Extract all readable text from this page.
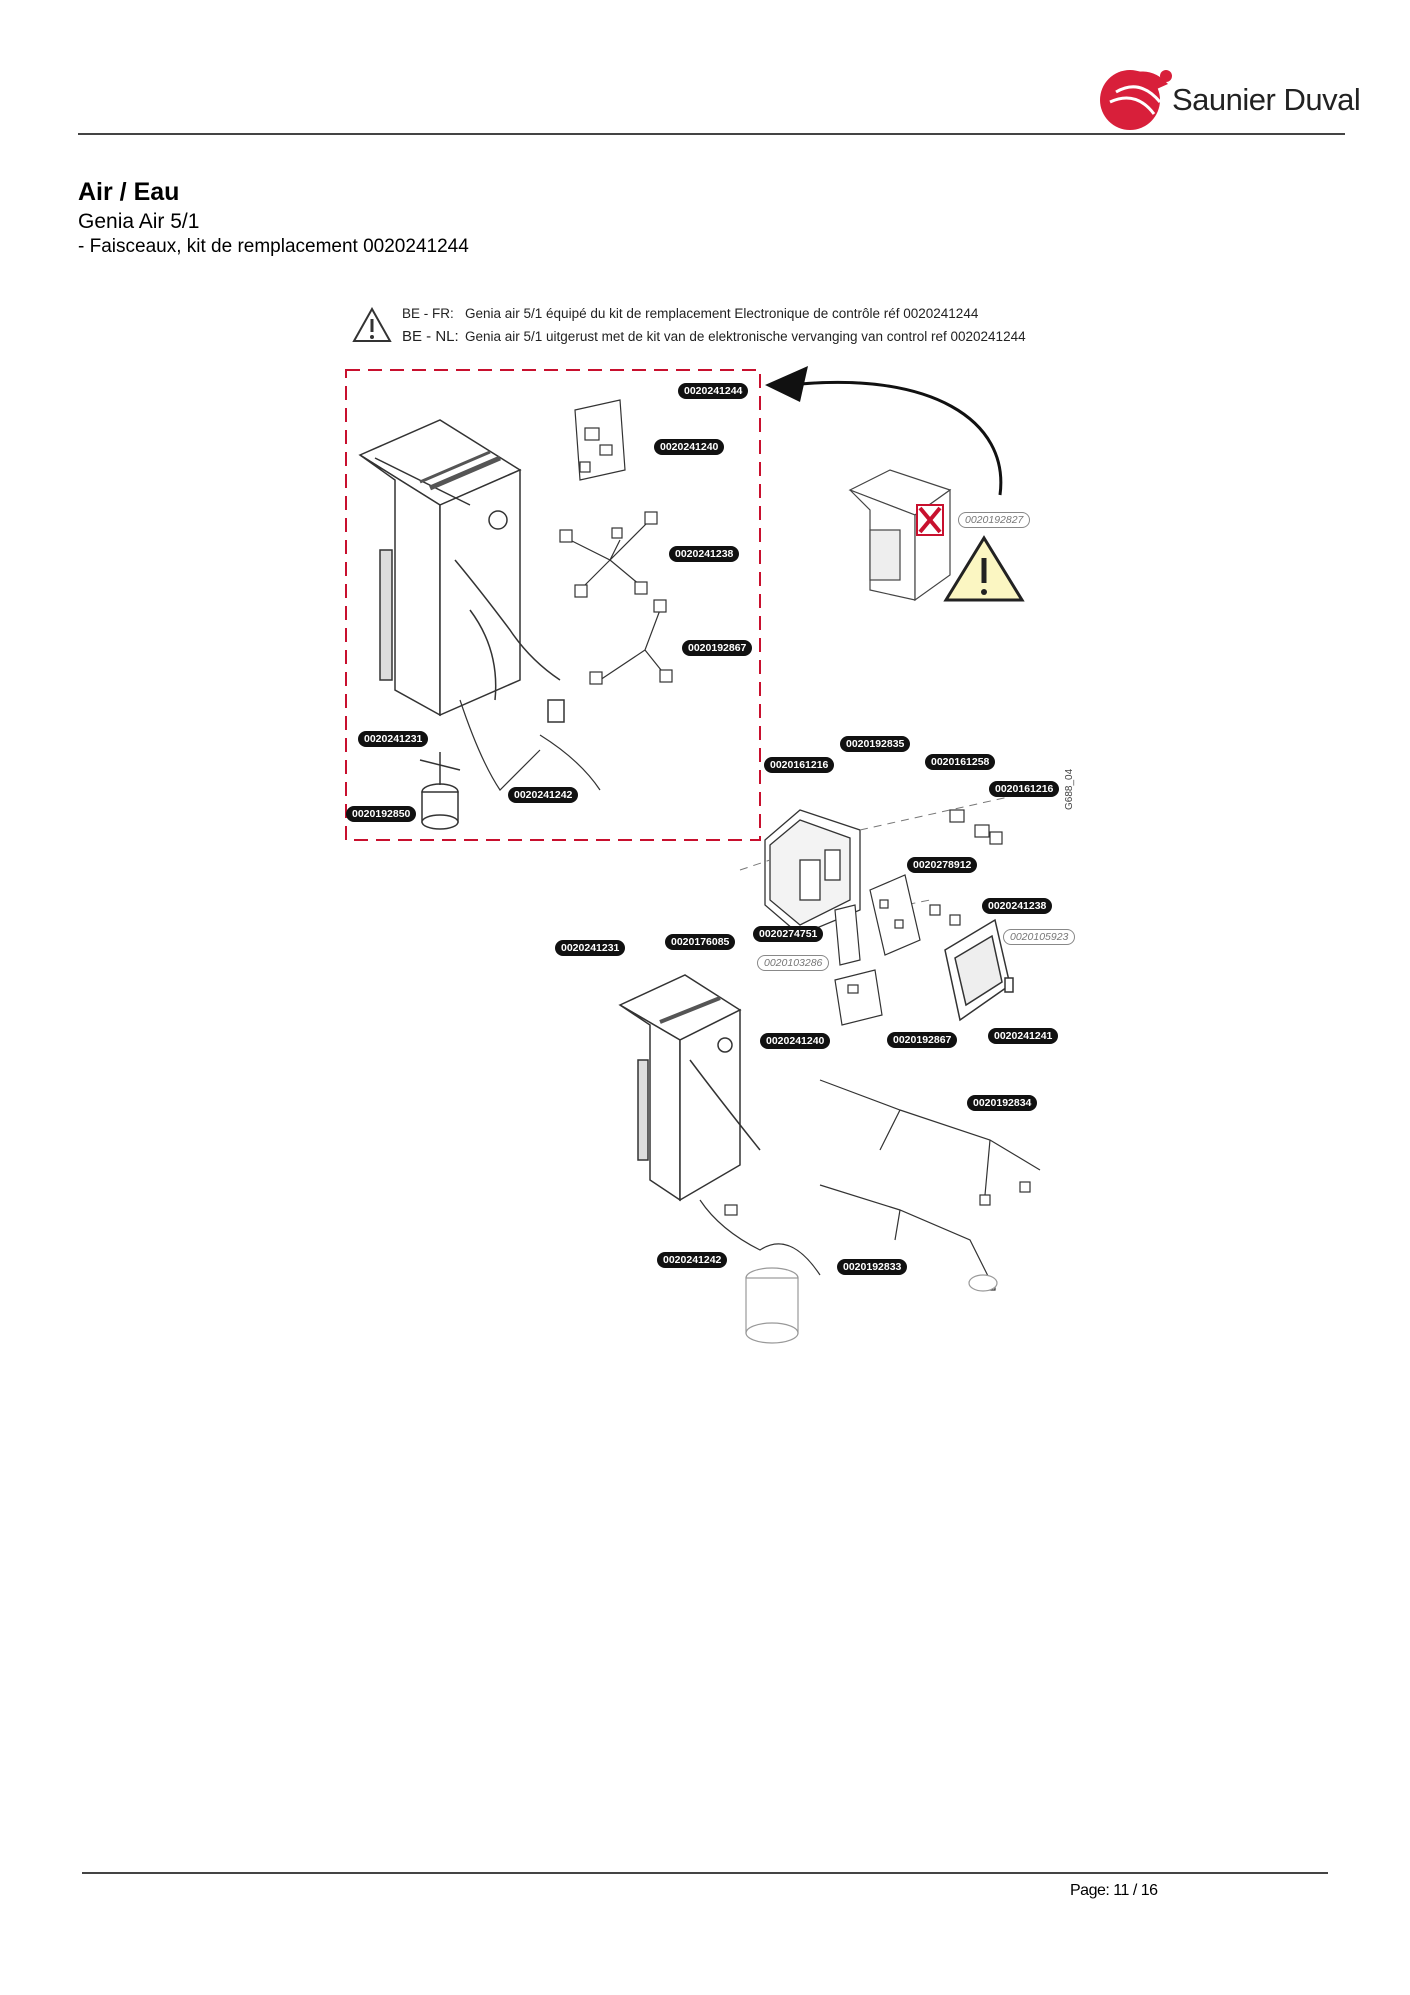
Saunier Duval
Air / Eau
Genia Air 5/1
- Faisceaux, kit de remplacement 0020241244
BE - FR: Genia air 5/1 équipé du kit de remplacement Electronique de contrôle réf 0020241244
BE - NL: Genia air 5/1 uitgerust met de kit van de elektronische vervanging van control ref 0020241244
0020241244
0020241240
0020241238
0020192867
0020241231
0020192850
0020241242
0020192835
0020161216	0020161258
0020161216
0020278912
0020241238
0020105923
0020241231	0020176085
0020274751
0020103286
0020241240	0020192867	0020241241
0020192834
0020241242
0020192833
0020192827
G688_04
Page: 11 / 16
